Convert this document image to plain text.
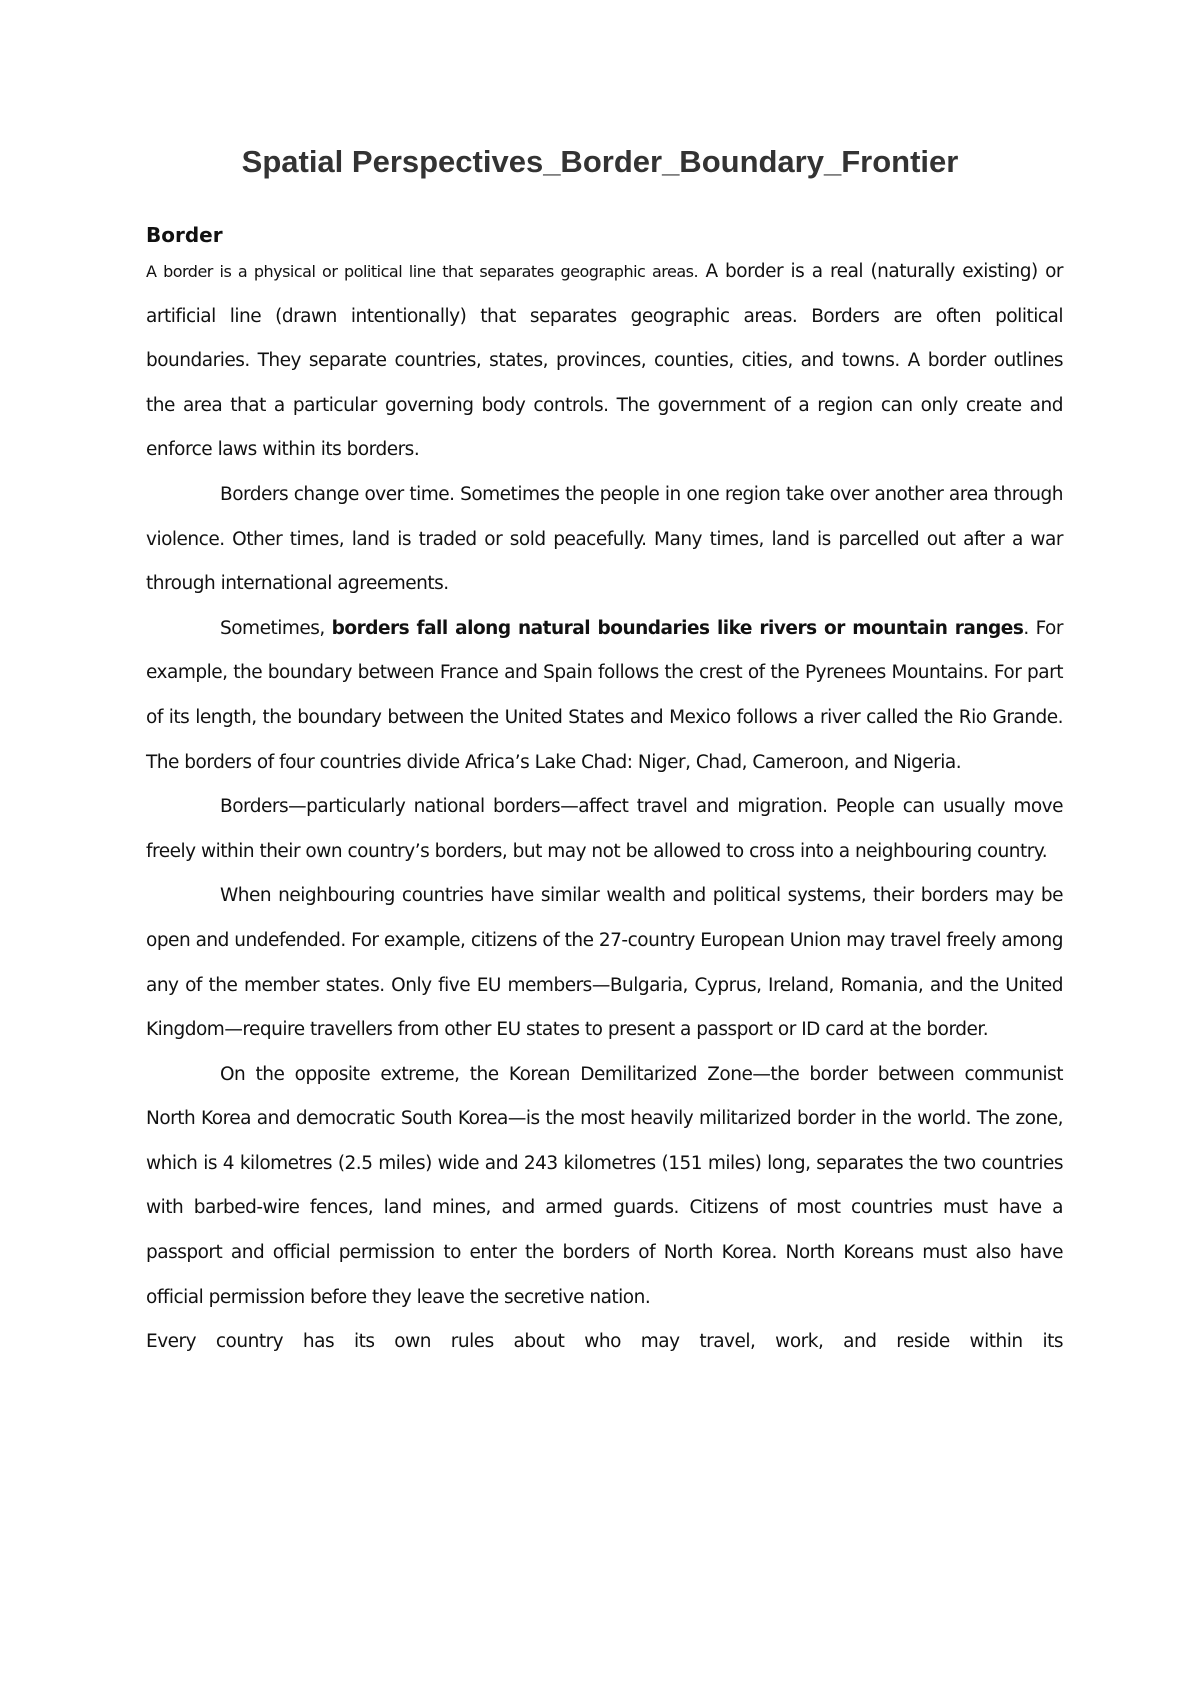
Spatial Perspectives_Border_Boundary_Frontier
Border

A border is a physical or political line that separates geographic areas. A border is a real (naturally existing) or artificial line (drawn intentionally) that separates geographic areas. Borders are often political boundaries. They separate countries, states, provinces, counties, cities, and towns. A border outlines the area that a particular governing body controls. The government of a region can only create and enforce laws within its borders.

Borders change over time. Sometimes the people in one region take over another area through violence. Other times, land is traded or sold peacefully. Many times, land is parcelled out after a war through international agreements.

Sometimes, borders fall along natural boundaries like rivers or mountain ranges. For example, the boundary between France and Spain follows the crest of the Pyrenees Mountains. For part of its length, the boundary between the United States and Mexico follows a river called the Rio Grande. The borders of four countries divide Africa’s Lake Chad: Niger, Chad, Cameroon, and Nigeria.

Borders—particularly national borders—affect travel and migration. People can usually move freely within their own country’s borders, but may not be allowed to cross into a neighbouring country.

When neighbouring countries have similar wealth and political systems, their borders may be open and undefended. For example, citizens of the 27-country European Union may travel freely among any of the member states. Only five EU members—Bulgaria, Cyprus, Ireland, Romania, and the United Kingdom—require travellers from other EU states to present a passport or ID card at the border.

On the opposite extreme, the Korean Demilitarized Zone—the border between communist North Korea and democratic South Korea—is the most heavily militarized border in the world. The zone, which is 4 kilometres (2.5 miles) wide and 243 kilometres (151 miles) long, separates the two countries with barbed-wire fences, land mines, and armed guards. Citizens of most countries must have a passport and official permission to enter the borders of North Korea. North Koreans must also have official permission before they leave the secretive nation.

Every country has its own rules about who may travel, work, and reside within its
